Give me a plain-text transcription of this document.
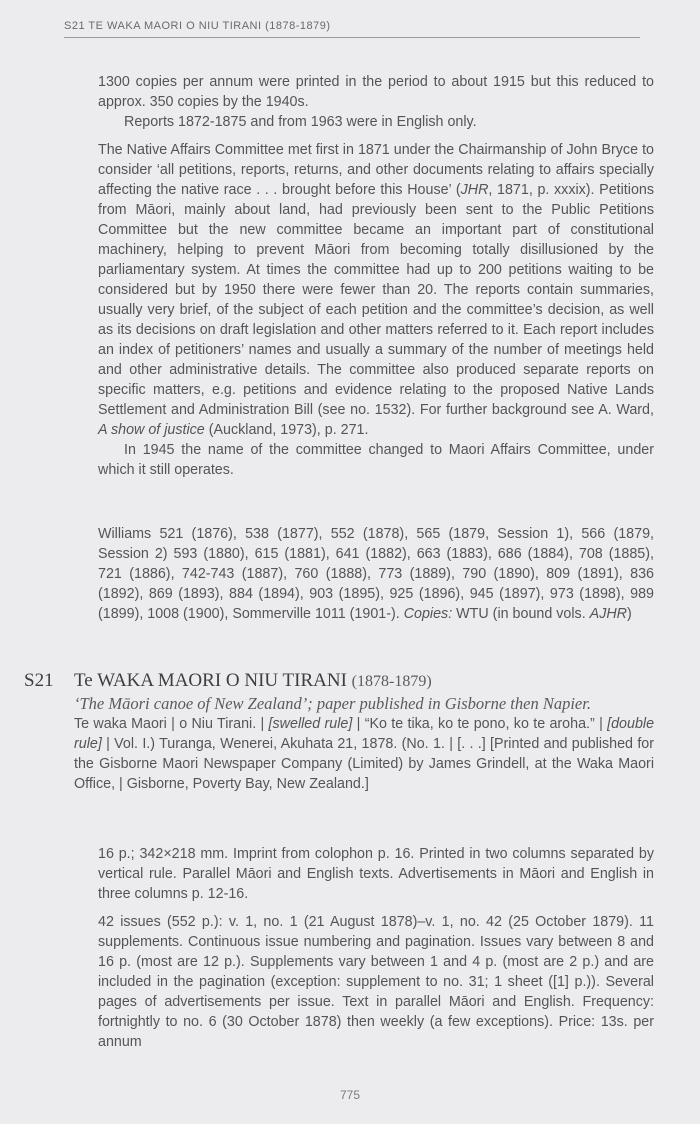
S21 TE WAKA MAORI O NIU TIRANI (1878-1879)

1300 copies per annum were printed in the period to about 1915 but this reduced to approx. 350 copies by the 1940s.

Reports 1872-1875 and from 1963 were in English only.

The Native Affairs Committee met first in 1871 under the Chairmanship of John Bryce to consider ‘all petitions, reports, returns, and other documents relating to affairs specially affecting the native race . . . brought before this House’ (JHR, 1871, p. xxxix). Petitions from Māori, mainly about land, had previously been sent to the Public Petitions Committee but the new committee became an important part of constitutional machinery, helping to prevent Māori from becoming totally disillusioned by the parliamentary system. At times the committee had up to 200 petitions waiting to be considered but by 1950 there were fewer than 20. The reports contain summaries, usually very brief, of the subject of each petition and the committee’s decision, as well as its decisions on draft legislation and other matters referred to it. Each report includes an index of petitioners’ names and usually a summary of the number of meetings held and other administrative details. The committee also produced separate reports on specific matters, e.g. petitions and evidence relating to the proposed Native Lands Settlement and Administration Bill (see no. 1532). For further background see A. Ward, A show of justice (Auckland, 1973), p. 271.

In 1945 the name of the committee changed to Maori Affairs Committee, under which it still operates.

Williams 521 (1876), 538 (1877), 552 (1878), 565 (1879, Session 1), 566 (1879, Session 2) 593 (1880), 615 (1881), 641 (1882), 663 (1883), 686 (1884), 708 (1885), 721 (1886), 742-743 (1887), 760 (1888), 773 (1889), 790 (1890), 809 (1891), 836 (1892), 869 (1893), 884 (1894), 903 (1895), 925 (1896), 945 (1897), 973 (1898), 989 (1899), 1008 (1900), Sommerville 1011 (1901-). Copies: WTU (in bound vols. AJHR)

S21 Te WAKA MAORI O NIU TIRANI (1878-1879)
‘The Māori canoe of New Zealand’; paper published in Gisborne then Napier.

Te waka Maori | o Niu Tirani. | [swelled rule] | “Ko te tika, ko te pono, ko te aroha.” | [double rule] | Vol. I.) Turanga, Wenerei, Akuhata 21, 1878. (No. 1. | [. . .] [Printed and published for the Gisborne Maori Newspaper Company (Limited) by James Grindell, at the Waka Maori Office, | Gisborne, Poverty Bay, New Zealand.]

16 p.; 342×218 mm. Imprint from colophon p. 16. Printed in two columns separated by vertical rule. Parallel Māori and English texts. Advertisements in Māori and English in three columns p. 12-16.

42 issues (552 p.): v. 1, no. 1 (21 August 1878)–v. 1, no. 42 (25 October 1879). 11 supplements. Continuous issue numbering and pagination. Issues vary between 8 and 16 p. (most are 12 p.). Supplements vary between 1 and 4 p. (most are 2 p.) and are included in the pagination (exception: supplement to no. 31; 1 sheet ([1] p.)). Several pages of advertisements per issue. Text in parallel Māori and English. Frequency: fortnightly to no. 6 (30 October 1878) then weekly (a few exceptions). Price: 13s. per annum

775
